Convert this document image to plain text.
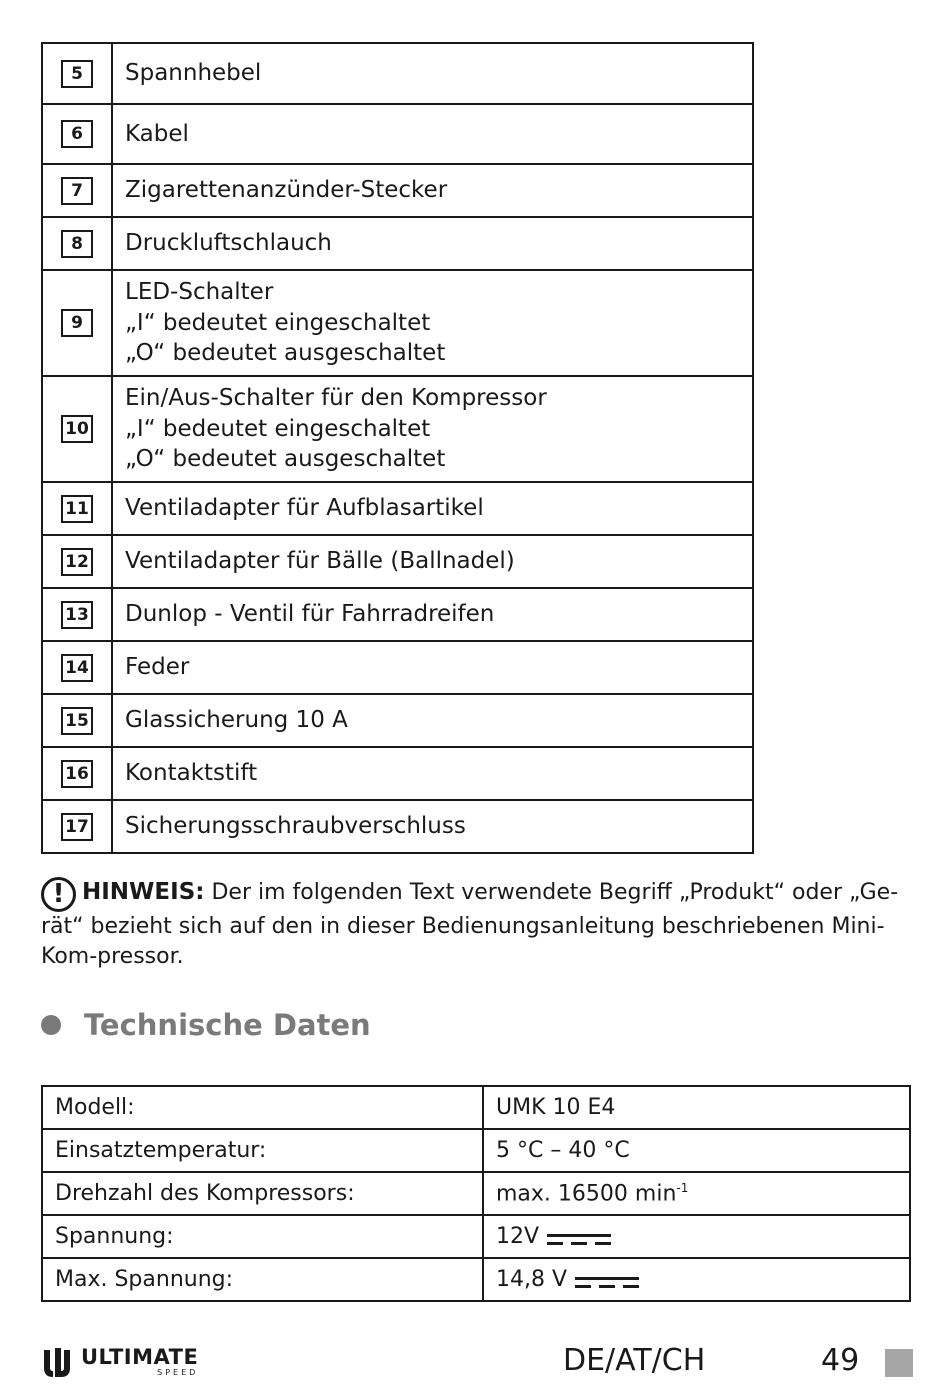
5	Spannhebel

6	Kabel

7	Zigarettenanzünder-Stecker

8	Druckluftschlauch

9	LED-Schalter
„I“ bedeutet eingeschaltet
„O“ bedeutet ausgeschaltet

10	Ein/Aus-Schalter für den Kompressor
„I“ bedeutet eingeschaltet
„O“ bedeutet ausgeschaltet

11	Ventiladapter für Aufblasartikel

12	Ventiladapter für Bälle (Ballnadel)

13	Dunlop - Ventil für Fahrradreifen

14	Feder

15	Glassicherung 10 A

16	Kontaktstift

17	Sicherungsschraubverschluss

! HINWEIS: Der im folgenden Text verwendete Begriff „Produkt“ oder „Ge-rät“ bezieht sich auf den in dieser Bedienungsanleitung beschriebenen Mini-Kom-pressor.

Technische Daten
Modell:	UMK 10 E4
Einsatztemperatur:	5 °C – 40 °C
Drehzahl des Kompressors:	max. 16500 $\min^{-1}$
Spannung:	12V
Max. Spannung:	14,8 V
ULTIMATE
SPEED	DE/AT/CH	49
